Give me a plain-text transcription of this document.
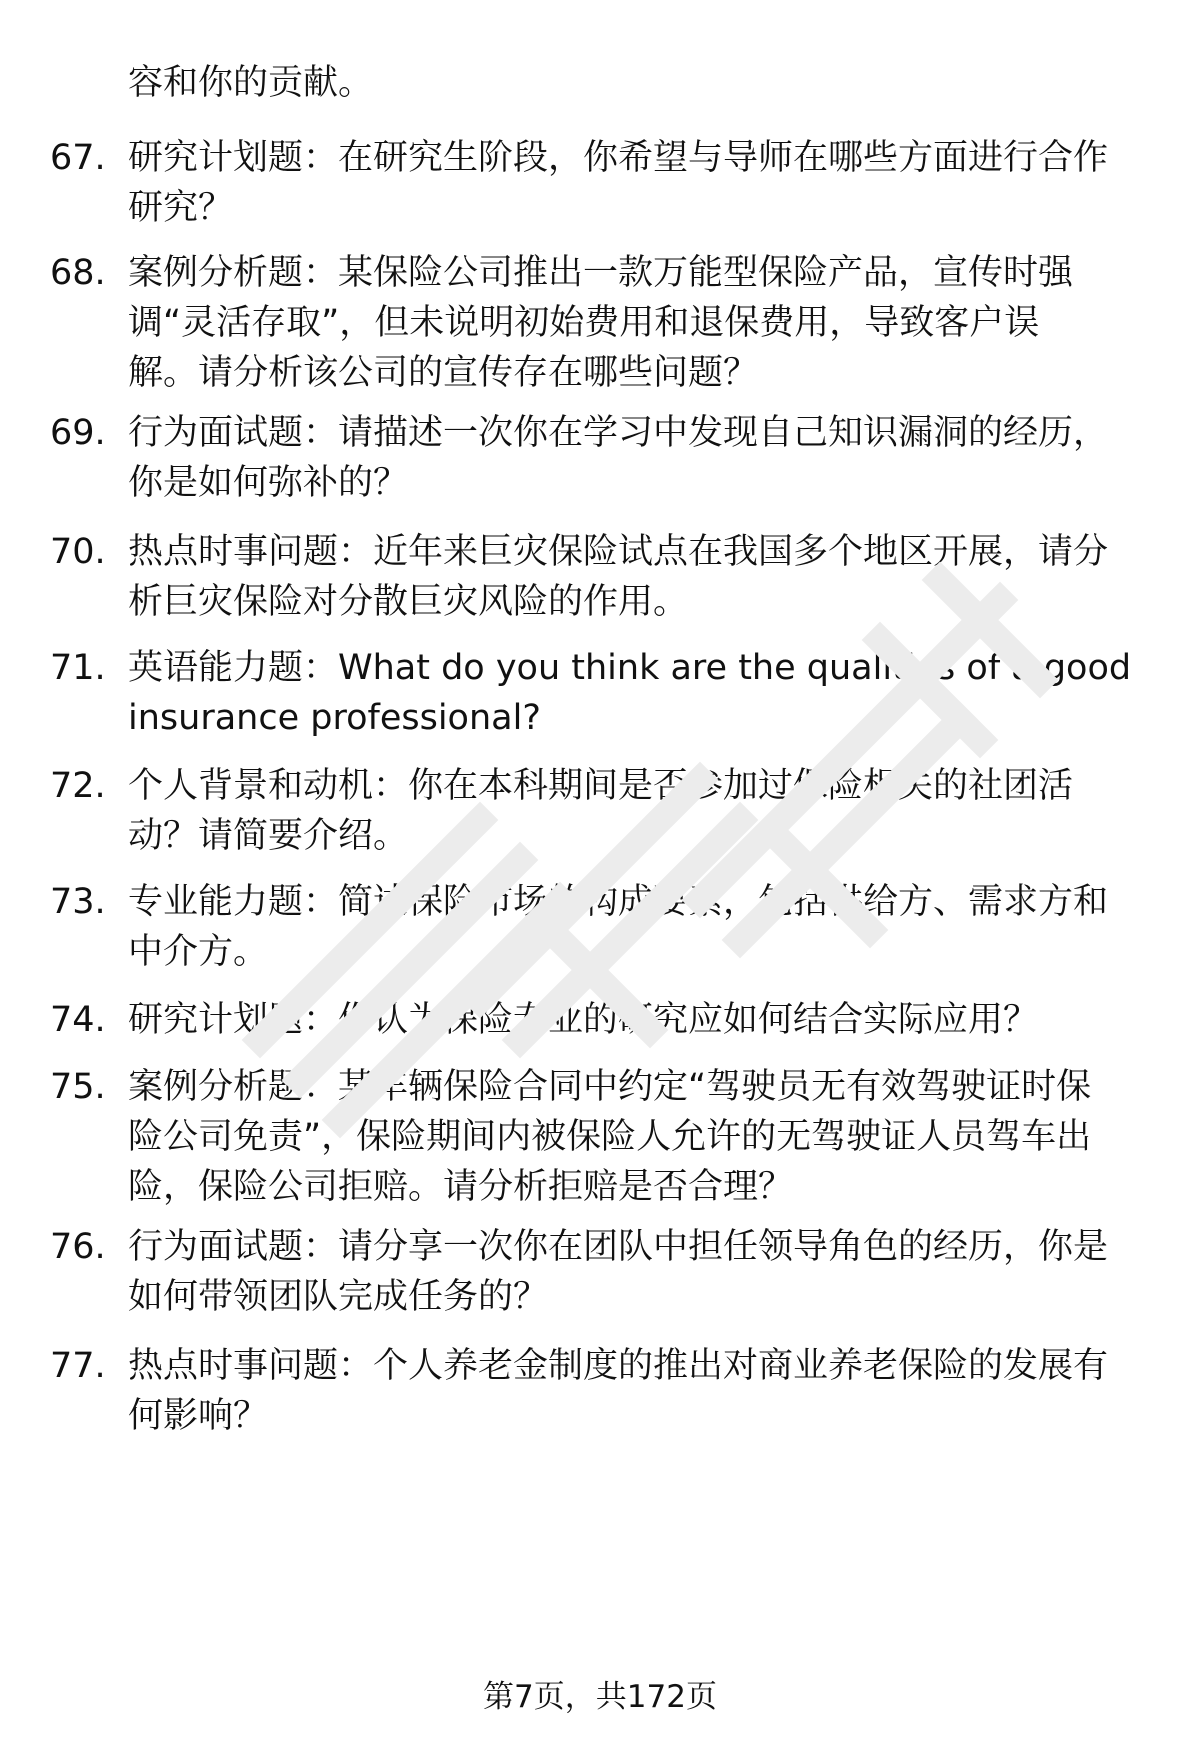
容和你的贡献。

67. 研究计划题：在研究生阶段，你希望与导师在哪些方面进行合作
研究？
68. 案例分析题：某保险公司推出一款万能型保险产品，宣传时强
调“灵活存取”，但未说明初始费用和退保费用，导致客户误
解。请分析该公司的宣传存在哪些问题？
69. 行为面试题：请描述一次你在学习中发现自己知识漏洞的经历，
你是如何弥补的？
70. 热点时事问题：近年来巨灾保险试点在我国多个地区开展，请分
析巨灾保险对分散巨灾风险的作用。
71. 英语能力题：What do you think are the qualities of a good
insurance professional?
72. 个人背景和动机：你在本科期间是否参加过保险相关的社团活
动？请简要介绍。
73. 专业能力题：简述保险市场的构成要素，包括供给方、需求方和
中介方。
74. 研究计划题：你认为保险专业的研究应如何结合实际应用？
75. 案例分析题：某车辆保险合同中约定“驾驶员无有效驾驶证时保
险公司免责”，保险期间内被保险人允许的无驾驶证人员驾车出
险，保险公司拒赔。请分析拒赔是否合理？
76. 行为面试题：请分享一次你在团队中担任领导角色的经历，你是
如何带领团队完成任务的？
77. 热点时事问题：个人养老金制度的推出对商业养老保险的发展有
何影响？
第7页，共172页
